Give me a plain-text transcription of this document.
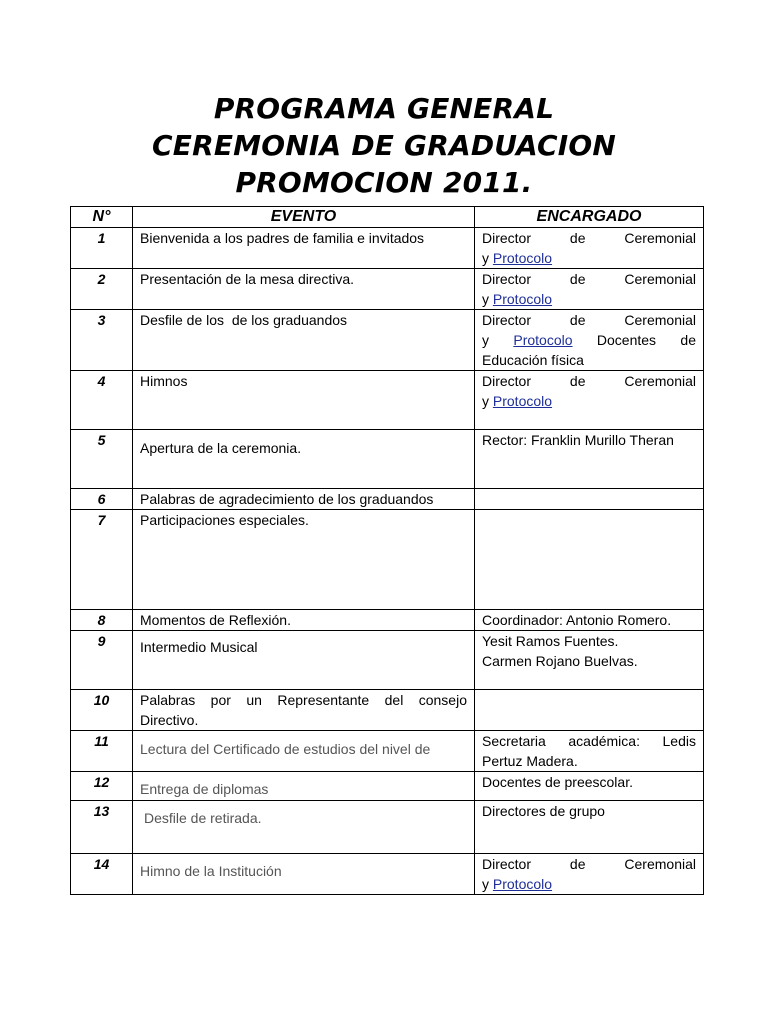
PROGRAMA GENERAL
CEREMONIA DE GRADUACION
PROMOCION 2011.
N°	EVENTO	ENCARGADO
1	Bienvenida a los padres de familia e invitados	Director de Ceremonial
y Protocolo

2	Presentación de la mesa directiva.	Director de Ceremonial
y Protocolo

3	Desfile de los  de los graduandos	Director de Ceremonial
y Protocolo Docentes de
Educación física

4	Himnos	Director de Ceremonial
y Protocolo

5	Apertura de la ceremonia.	Rector: Franklin Murillo Theran
6	Palabras de agradecimiento de los graduandos	
7	Participaciones especiales.	
8	Momentos de Reflexión.	Coordinador: Antonio Romero.
9	Intermedio Musical	Yesit Ramos Fuentes.
Carmen Rojano Buelvas.

10	Palabras por un Representante del consejo
Directivo.	

11	Lectura del Certificado de estudios del nivel de	Secretaria académica: Ledis
Pertuz Madera.

12	Entrega de diplomas	Docentes de preescolar.
13	Desfile de retirada.	Directores de grupo
14	Himno de la Institución	Director de Ceremonial
y Protocolo
